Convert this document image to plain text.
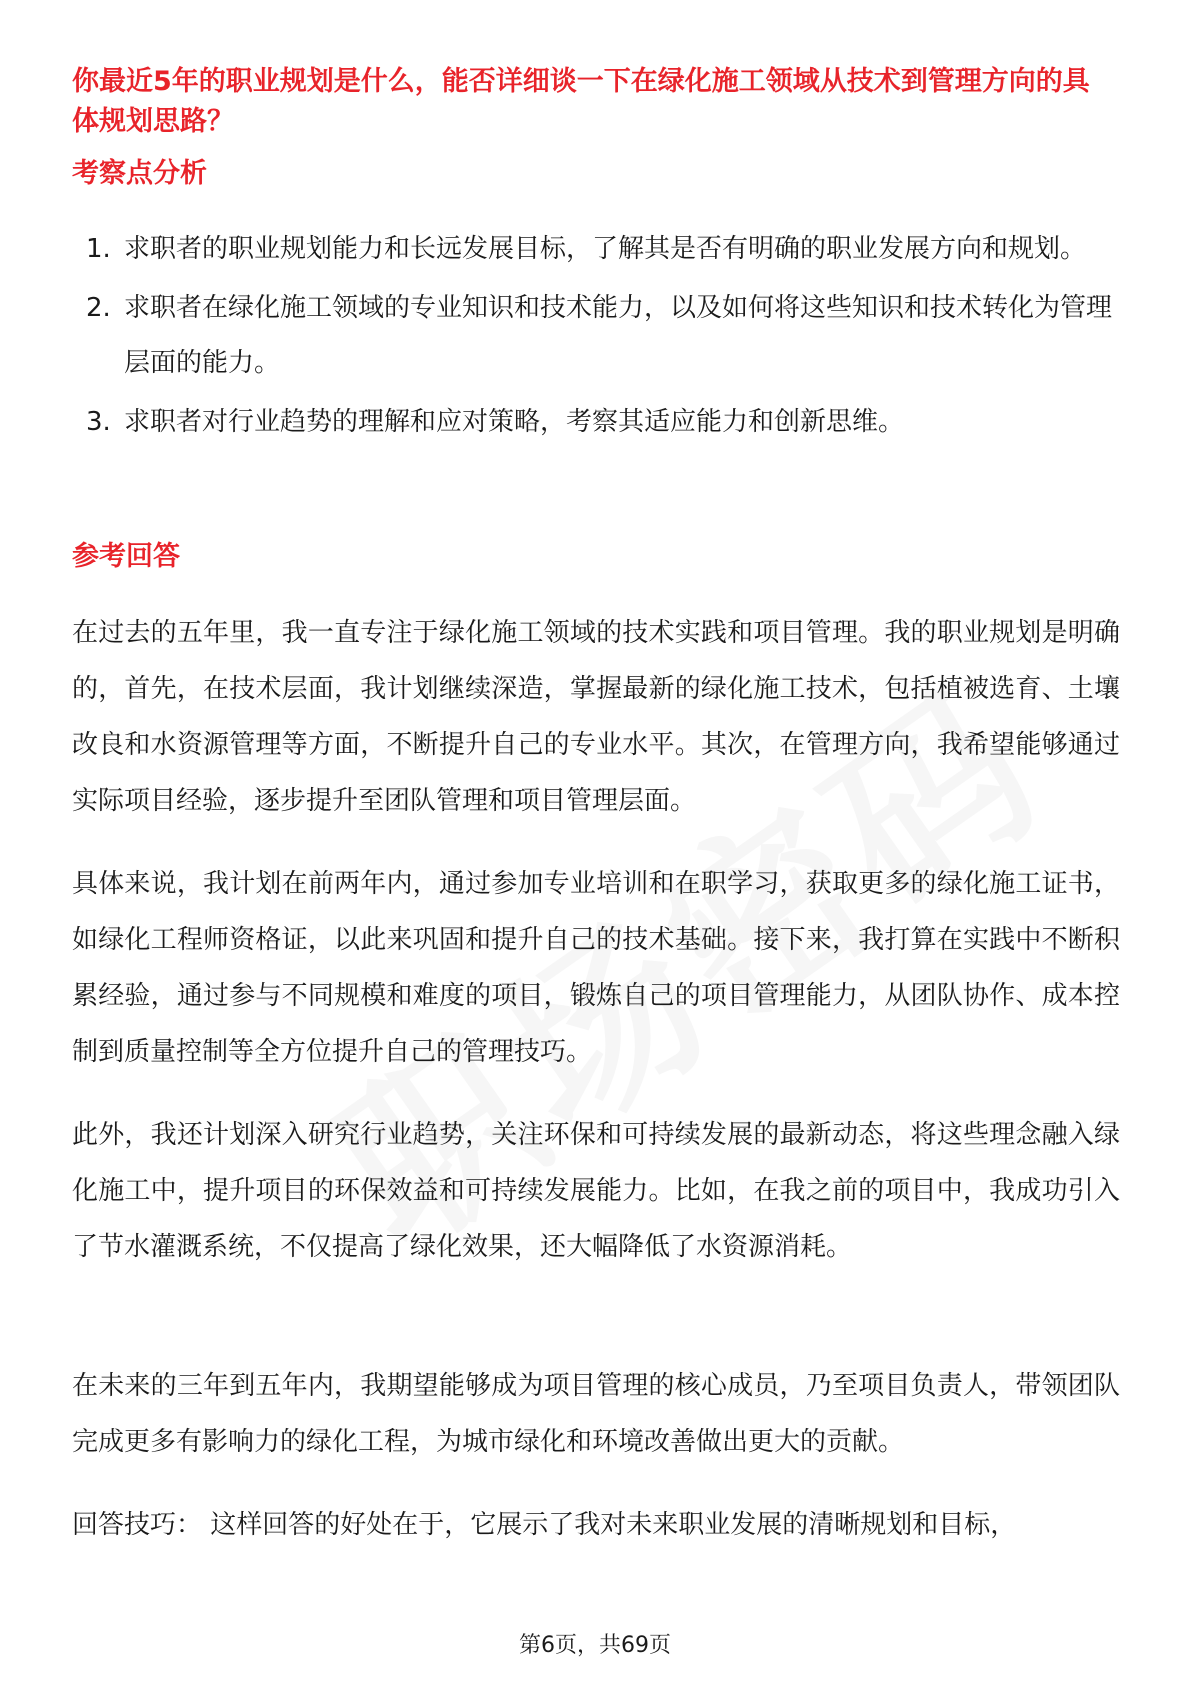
你最近5年的职业规划是什么，能否详细谈一下在绿化施工领域从技术到管理方向的具体规划思路？
考察点分析
1. 求职者的职业规划能力和长远发展目标，了解其是否有明确的职业发展方向和规划。
2. 求职者在绿化施工领域的专业知识和技术能力，以及如何将这些知识和技术转化为管理层面的能力。
3. 求职者对行业趋势的理解和应对策略，考察其适应能力和创新思维。
参考回答

在过去的五年里，我一直专注于绿化施工领域的技术实践和项目管理。我的职业规划是明确的，首先，在技术层面，我计划继续深造，掌握最新的绿化施工技术，包括植被选育、土壤改良和水资源管理等方面，不断提升自己的专业水平。其次，在管理方向，我希望能够通过实际项目经验，逐步提升至团队管理和项目管理层面。

具体来说，我计划在前两年内，通过参加专业培训和在职学习，获取更多的绿化施工证书，如绿化工程师资格证，以此来巩固和提升自己的技术基础。接下来，我打算在实践中不断积累经验，通过参与不同规模和难度的项目，锻炼自己的项目管理能力，从团队协作、成本控制到质量控制等全方位提升自己的管理技巧。

此外，我还计划深入研究行业趋势，关注环保和可持续发展的最新动态，将这些理念融入绿化施工中，提升项目的环保效益和可持续发展能力。比如，在我之前的项目中，我成功引入了节水灌溉系统，不仅提高了绿化效果，还大幅降低了水资源消耗。

在未来的三年到五年内，我期望能够成为项目管理的核心成员，乃至项目负责人，带领团队完成更多有影响力的绿化工程，为城市绿化和环境改善做出更大的贡献。

回答技巧： 这样回答的好处在于，它展示了我对未来职业发展的清晰规划和目标，

第6页，共69页
